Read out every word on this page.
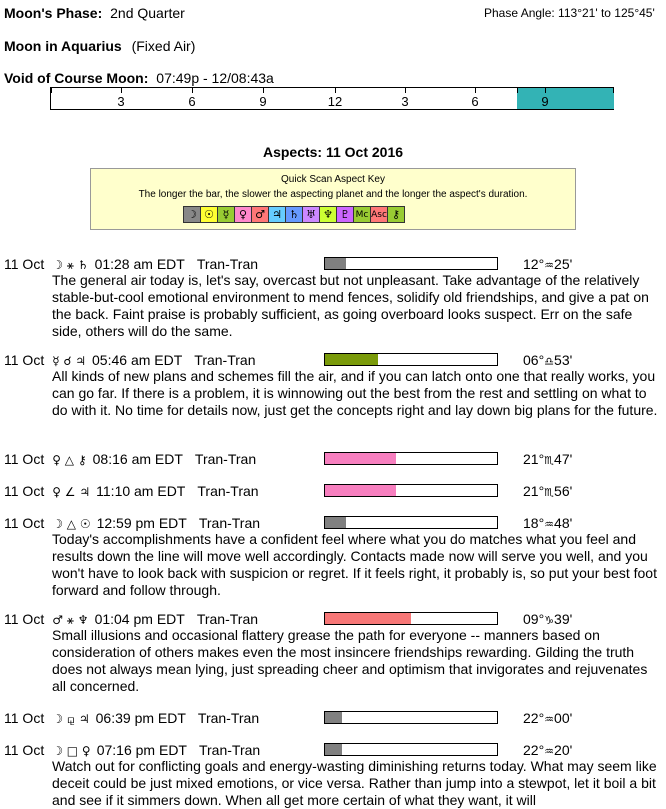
Moon's Phase: 2nd Quarter	Phase Angle: 113°21' to 125°45'
Moon in Aquarius (Fixed Air)
Void of Course Moon: 07:49p - 12/08:43a
3	6	9	12	3	6	9
Aspects: 11 Oct 2016
Quick Scan Aspect Key
The longer the bar, the slower the aspecting planet and the longer the aspect's duration.
☽ ☉ ☿ ♀ ♂ ♃ ♄ ♅ ♆ ♇ Mc Asc ⚷
11 Oct ☽ ⚹ ♄ 01:28 am EDT Tran-Tran	12°♒25'
The general air today is, let's say, overcast but not unpleasant. Take advantage of the relatively stable-but-cool emotional environment to mend fences, solidify old friendships, and give a pat on the back. Faint praise is probably sufficient, as going overboard looks suspect. Err on the safe side, others will do the same.
11 Oct ☿ ☌ ♃ 05:46 am EDT Tran-Tran	06°♎53'
All kinds of new plans and schemes fill the air, and if you can latch onto one that really works, you can go far. If there is a problem, it is winnowing out the best from the rest and settling on what to do with it. No time for details now, just get the concepts right and lay down big plans for the future.
11 Oct ♀ △ ⚷ 08:16 am EDT Tran-Tran	21°♏47'
11 Oct ♀ ∠ ♃ 11:10 am EDT Tran-Tran	21°♏56'
11 Oct ☽ △ ☉ 12:59 pm EDT Tran-Tran	18°♒48'
Today's accomplishments have a confident feel where what you do matches what you feel and results down the line will move well accordingly. Contacts made now will serve you well, and you won't have to look back with suspicion or regret. If it feels right, it probably is, so put your best foot forward and follow through.
11 Oct ♂ ⚹ ♆ 01:04 pm EDT Tran-Tran	09°♑39'
Small illusions and occasional flattery grease the path for everyone -- manners based on consideration of others makes even the most insincere friendships rewarding. Gilding the truth does not always mean lying, just spreading cheer and optimism that invigorates and rejuvenates all concerned.
11 Oct ☽ ⚼ ♃ 06:39 pm EDT Tran-Tran	22°♒00'
11 Oct ☽ □ ♀ 07:16 pm EDT Tran-Tran	22°♒20'
Watch out for conflicting goals and energy-wasting diminishing returns today. What may seem like deceit could be just mixed emotions, or vice versa. Rather than jump into a stewpot, let it boil a bit and see if it simmers down. When all get more certain of what they want, it will
